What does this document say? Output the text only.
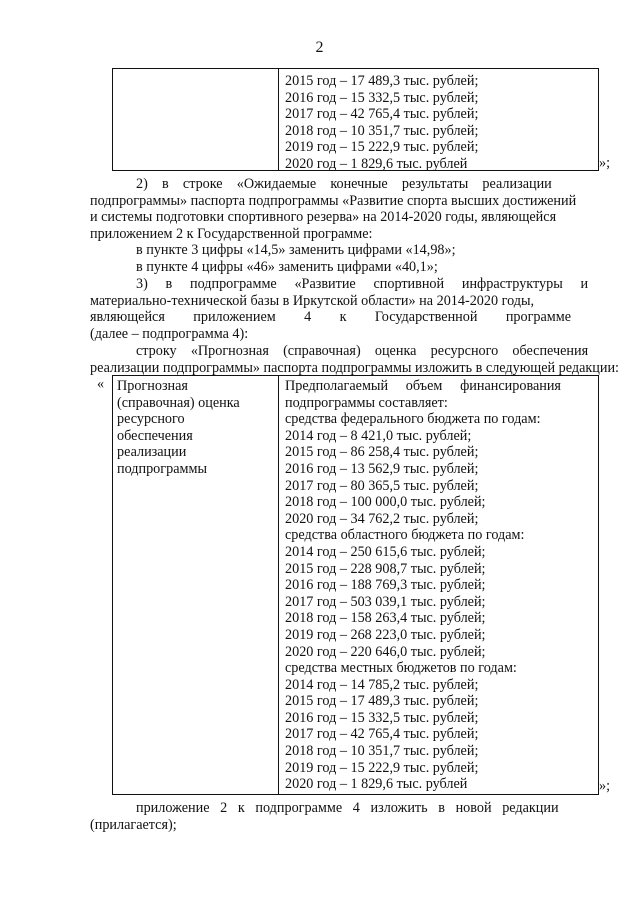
2
2015 год – 17 489,3 тыс. рублей;
2016 год – 15 332,5 тыс. рублей;
2017 год – 42 765,4 тыс. рублей;
2018 год – 10 351,7 тыс. рублей;
2019 год – 15 222,9 тыс. рублей;
2020 год – 1 829,6 тыс. рублей	»;
2)    в    строке    «Ожидаемые    конечные    результаты    реализации
подпрограммы» паспорта подпрограммы «Развитие спорта высших достижений
и системы подготовки спортивного резерва» на 2014-2020 годы, являющейся
приложением 2 к Государственной программе:
в пункте 3 цифры «14,5» заменить цифрами «14,98»;
в пункте 4 цифры «46» заменить цифрами «40,1»;
3)     в     подпрограмме     «Развитие     спортивной     инфраструктуры     и
материально-технической базы в Иркутской области» на 2014-2020 годы,
являющейся        приложением        4        к        Государственной        программе
(далее – подпрограмма 4):
строку    «Прогнозная    (справочная)    оценка    ресурсного    обеспечения
реализации подпрограммы» паспорта подпрограммы изложить в следующей редакции:
« Прогнозная
(справочная) оценка
ресурсного
обеспечения
реализации
подпрограммы
Предполагаемый     объем     финансирования
подпрограммы составляет:
средства федерального бюджета по годам:
2014 год – 8 421,0 тыс. рублей;
2015 год – 86 258,4 тыс. рублей;
2016 год – 13 562,9 тыс. рублей;
2017 год – 80 365,5 тыс. рублей;
2018 год – 100 000,0 тыс. рублей;
2020 год – 34 762,2 тыс. рублей;
средства областного бюджета по годам:
2014 год – 250 615,6 тыс. рублей;
2015 год – 228 908,7 тыс. рублей;
2016 год – 188 769,3 тыс. рублей;
2017 год – 503 039,1 тыс. рублей;
2018 год – 158 263,4 тыс. рублей;
2019 год – 268 223,0 тыс. рублей;
2020 год – 220 646,0 тыс. рублей;
средства местных бюджетов по годам:
2014 год – 14 785,2 тыс. рублей;
2015 год – 17 489,3 тыс. рублей;
2016 год – 15 332,5 тыс. рублей;
2017 год – 42 765,4 тыс. рублей;
2018 год – 10 351,7 тыс. рублей;
2019 год – 15 222,9 тыс. рублей;
2020 год – 1 829,6 тыс. рублей	»;
приложение   2   к   подпрограмме   4   изложить   в   новой   редакции
(прилагается);
